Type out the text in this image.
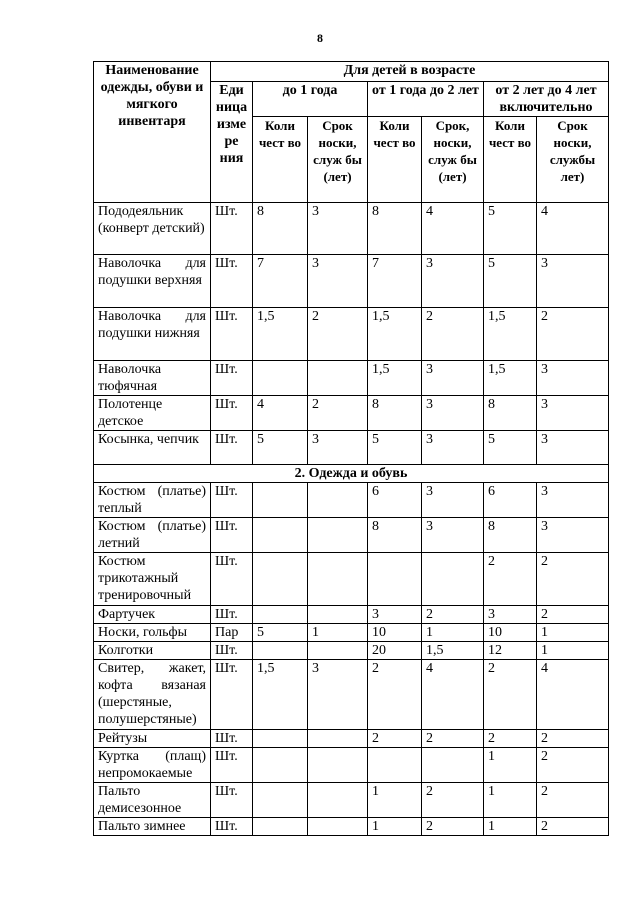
8
Наименование одежды, обуви и мягкого инвентаря	Для детей в возрасте						
	Еди ница изме ре ния	до 1 года		от 1 года до 2 лет		от 2 лет до 4 лет включительно	
		Коли чест во	Срок носки, служ бы (лет)	Коли чест во	Срок, носки, служ бы (лет)	Коли чест во	Срок носки, службы лет)

Пододеяльник (конверт детский)	Шт.	8	3	8	4	5	4
Наволочка для подушки верхняя	Шт.	7	3	7	3	5	3
Наволочка для подушки нижняя	Шт.	1,5	2	1,5	2	1,5	2
Наволочка тюфячная	Шт.			1,5	3	1,5	3
Полотенце детское	Шт.	4	2	8	3	8	3
Косынка, чепчик	Шт.	5	3	5	3	5	3
2. Одежда и обувь							
Костюм (платье) теплый	Шт.			6	3	6	3
Костюм (платье) летний	Шт.			8	3	8	3
Костюм трикотажный тренировочный	Шт.					2	2
Фартучек	Шт.			3	2	3	2
Носки, гольфы	Пар	5	1	10	1	10	1
Колготки	Шт.			20	1,5	12	1
Свитер, жакет, кофта вязаная (шерстяные, полушерстяные)	Шт.	1,5	3	2	4	2	4
Рейтузы	Шт.			2	2	2	2
Куртка (плащ) непромокаемые	Шт.					1	2
Пальто демисезонное	Шт.			1	2	1	2
Пальто зимнее	Шт.			1	2	1	2
